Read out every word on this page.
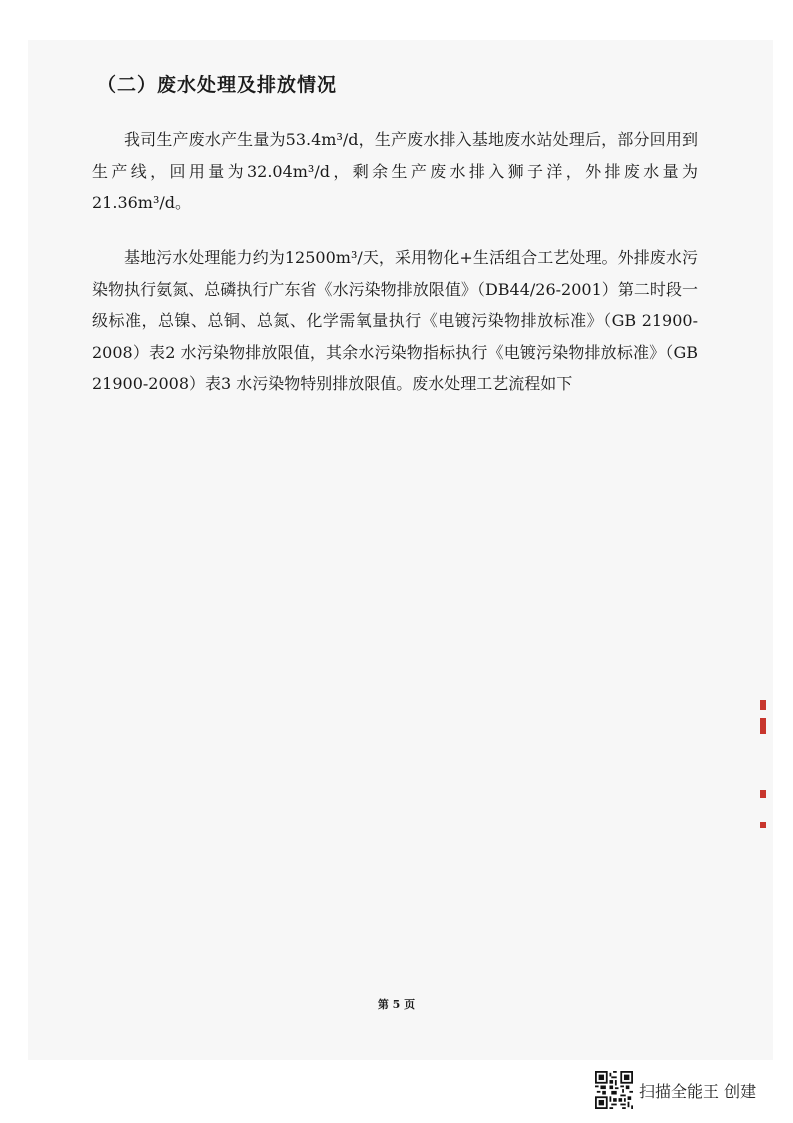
（二）废水处理及排放情况

我司生产废水产生量为53.4m³/d，生产废水排入基地废水站处理后，部分回用到生产线，回用量为32.04m³/d，剩余生产废水排入狮子洋，外排废水量为21.36m³/d。

基地污水处理能力约为12500m³/天，采用物化+生活组合工艺处理。外排废水污染物执行氨氮、总磷执行广东省《水污染物排放限值》（DB44/26-2001）第二时段一级标准，总镍、总铜、总氮、化学需氧量执行《电镀污染物排放标准》（GB 21900-2008）表2 水污染物排放限值，其余水污染物指标执行《电镀污染物排放标准》（GB 21900-2008）表3 水污染物特别排放限值。废水处理工艺流程如下

第 5 页
扫描全能王 创建
